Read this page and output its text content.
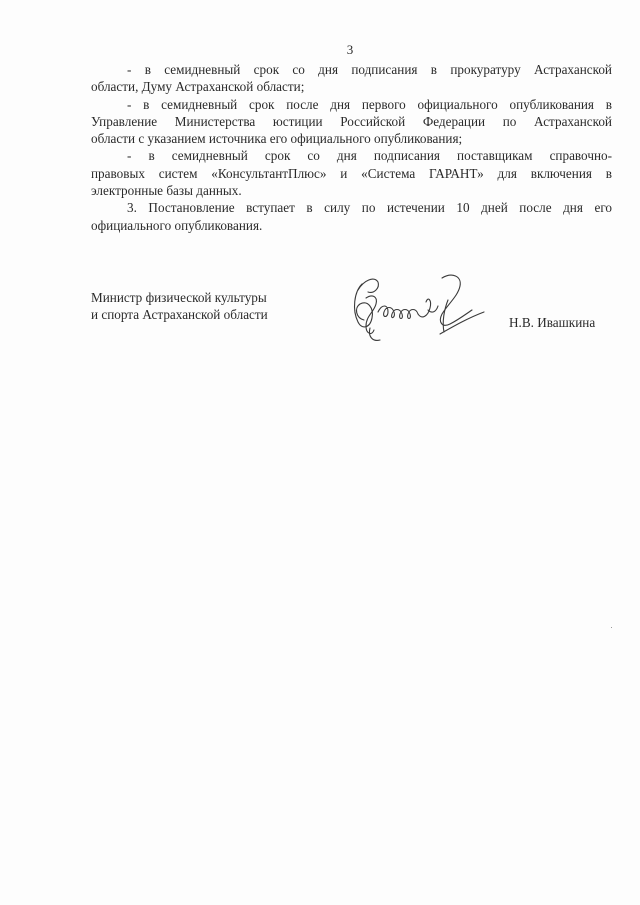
3

- в семидневный срок со дня подписания в прокуратуру Астраханской
области, Думу Астраханской области;

- в семидневный срок после дня первого официального опубликования в
Управление Министерства юстиции Российской Федерации по Астраханской
области с указанием источника его официального опубликования;

- в семидневный срок со дня подписания поставщикам справочно-
правовых систем «КонсультантПлюс» и «Система ГАРАНТ» для включения в
электронные базы данных.

3. Постановление вступает в силу по истечении 10 дней после дня его
официального опубликования.

Министр физической культуры
и спорта Астраханской области
Н.В. Ивашкина
